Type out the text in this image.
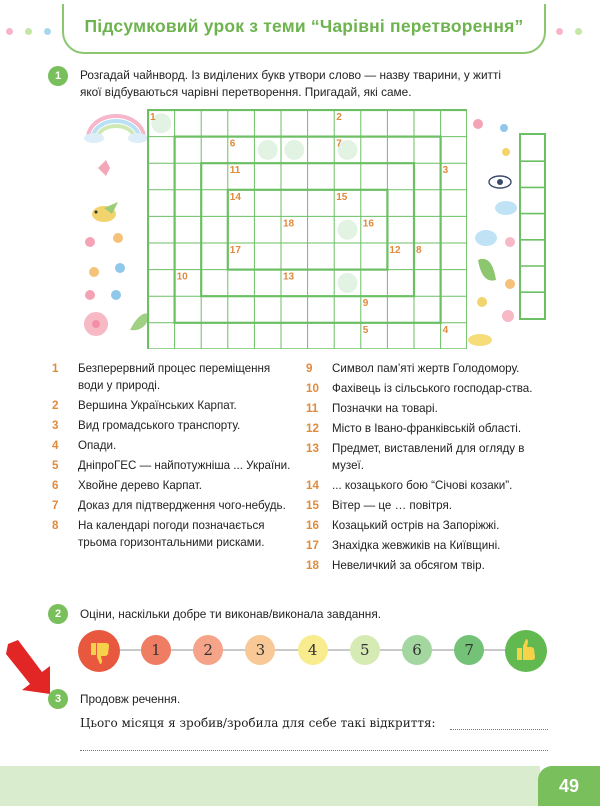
Підсумковий урок з теми “Чарівні перетворення”
1	Розгадай чайнворд. Із виділених букв утвори слово — назву тварини, у житті
якої відбуваються чарівні перетворення. Пригадай, які саме.
1	2
3
4
5
6	7
8
9
10
11
12
13
14	15
16
17
18
1	Безперервний процес переміщення води у природі.
2	Вершина Українських Карпат.
3	Вид громадського транспорту.
4	Опади.
5	ДніпроГЕС — найпотужніша ... України.
6	Хвойне дерево Карпат.
7	Доказ для підтвердження чого-небудь.
8	На календарі погоди позначається трьома горизонтальними рисками.
9	Символ пам’яті жертв Голодомору.
10	Фахівець із сільського господар-ства.
11	Позначки на товарі.
12	Місто в Івано-франківській області.
13	Предмет, виставлений для огляду в музеї.
14	... козацького бою “Січові козаки”.
15	Вітер — це … повітря.
16	Козацький острів на Запоріжжі.
17	Знахідка жевжиків на Київщині.
18	Невеличкий за обсягом твір.
2	Оціни, наскільки добре ти виконав/виконала завдання.
1	2	3	4	5	6	7
3	Продовж речення.
Цього місяця я зробив/зробила для себе такі відкриття:
49
